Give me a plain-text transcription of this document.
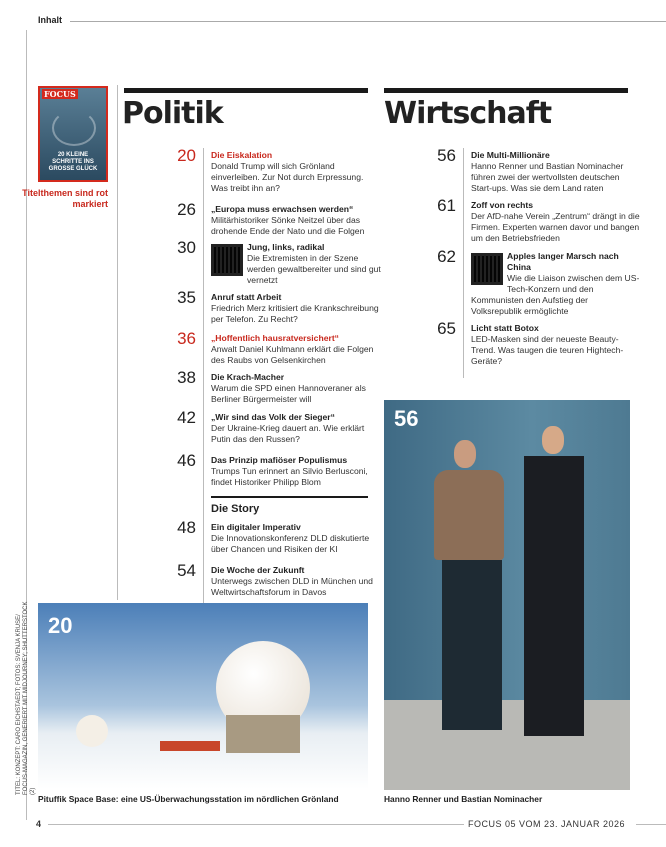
Inhalt
FOCUS
20 KLEINE SCHRITTE INS GROSSE GLÜCK
Titelthemen sind rot markiert
Politik
20 Die Eiskalation
Donald Trump will sich Grönland einverleiben. Zur Not durch Erpressung. Was treibt ihn an?
26 „Europa muss erwachsen werden“
Militärhistoriker Sönke Neitzel über das drohende Ende der Nato und die Folgen
30	Jung, links, radikal
Die Extremisten in der Szene werden gewaltbereiter und sind gut vernetzt
35 Anruf statt Arbeit
Friedrich Merz kritisiert die Krankschreibung per Telefon. Zu Recht?
36 „Hoffentlich hausratversichert“
Anwalt Daniel Kuhlmann erklärt die Folgen des Raubs von Gelsenkirchen
38 Die Krach-Macher
Warum die SPD einen Hannoveraner als Berliner Bürgermeister will
42 „Wir sind das Volk der Sieger“
Der Ukraine-Krieg dauert an. Wie erklärt Putin das den Russen?
46 Das Prinzip mafiöser Populismus
Trumps Tun erinnert an Silvio Berlusconi, findet Historiker Philipp Blom
Die Story
48 Ein digitaler Imperativ
Die Innovationskonferenz DLD diskutierte über Chancen und Risiken der KI
54 Die Woche der Zukunft
Unterwegs zwischen DLD in München und Weltwirtschaftsforum in Davos
Wirtschaft
56 Die Multi-Millionäre
Hanno Renner und Bastian Nominacher führen zwei der wertvollsten deutschen Start-ups. Was sie dem Land raten
61 Zoff von rechts
Der AfD-nahe Verein „Zentrum“ drängt in die Firmen. Experten warnen davor und bangen um den Betriebsfrieden
62	Apples langer Marsch nach China
Wie die Liaison zwischen dem US-Tech-Konzern und den Kommunisten den Aufstieg der Volksrepublik ermöglichte
65 Licht statt Botox
LED-Masken sind der neueste Beauty-Trend. Was taugen die teuren Hightech-Geräte?
20
Pituffik Space Base: eine US-Überwachungsstation im nördlichen Grönland
56
Hanno Renner und Bastian Nominacher
TITEL: KONZEPT: CARO EICHSTAEDT; FOTOS: SVENJA KRUSE/ FOCUS-MAGAZIN, GENERIERT MIT MIDJOURNEY; SHUTTERSTOCK (2)
4	FOCUS 05 VOM 23. JANUAR 2026
